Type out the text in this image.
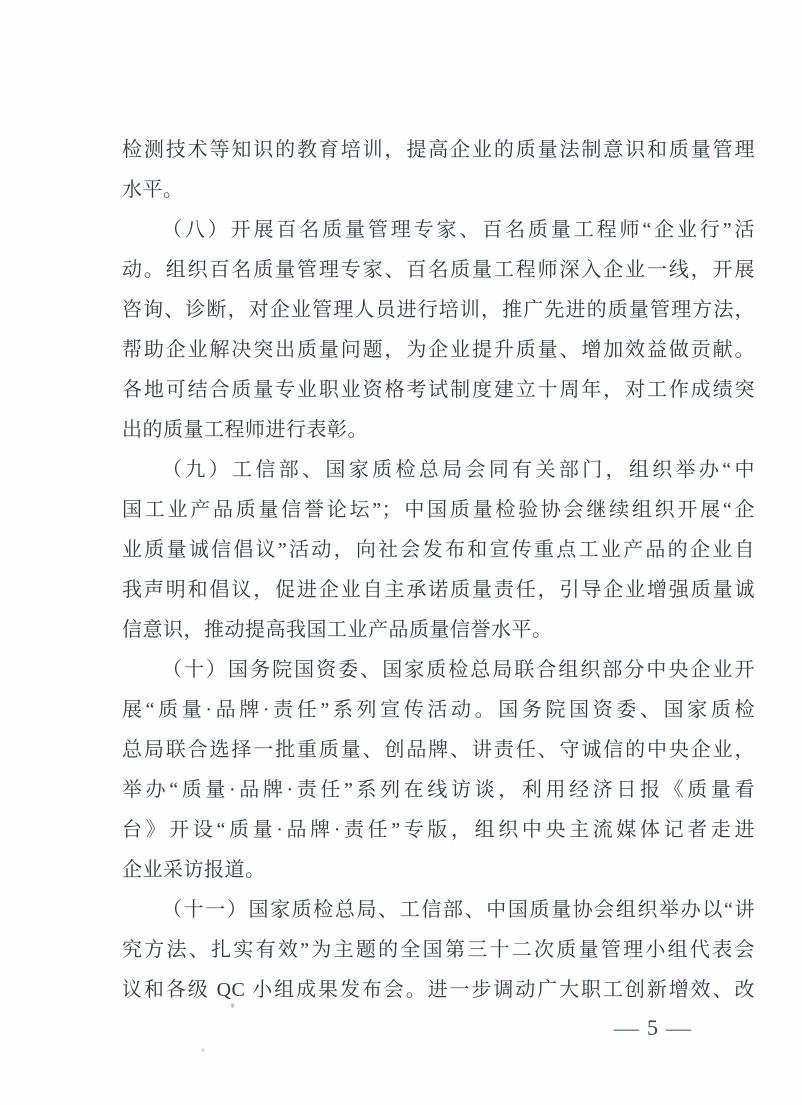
检测技术等知识的教育培训，提高企业的质量法制意识和质量管理
水平。
（八）开展百名质量管理专家、百名质量工程师“企业行”活
动。组织百名质量管理专家、百名质量工程师深入企业一线，开展
咨询、诊断，对企业管理人员进行培训，推广先进的质量管理方法，
帮助企业解决突出质量问题，为企业提升质量、增加效益做贡献。
各地可结合质量专业职业资格考试制度建立十周年，对工作成绩突
出的质量工程师进行表彰。
（九）工信部、国家质检总局会同有关部门，组织举办“中
国工业产品质量信誉论坛”；中国质量检验协会继续组织开展“企
业质量诚信倡议”活动，向社会发布和宣传重点工业产品的企业自
我声明和倡议，促进企业自主承诺质量责任，引导企业增强质量诚
信意识，推动提高我国工业产品质量信誉水平。
（十）国务院国资委、国家质检总局联合组织部分中央企业开
展“质量·品牌·责任”系列宣传活动。国务院国资委、国家质检
总局联合选择一批重质量、创品牌、讲责任、守诚信的中央企业，
举办“质量·品牌·责任”系列在线访谈，利用经济日报《质量看
台》开设“质量·品牌·责任”专版，组织中央主流媒体记者走进
企业采访报道。
（十一）国家质检总局、工信部、中国质量协会组织举办以“讲
究方法、扎实有效”为主题的全国第三十二次质量管理小组代表会
议和各级 QC 小组成果发布会。进一步调动广大职工创新增效、改
— 5 —
